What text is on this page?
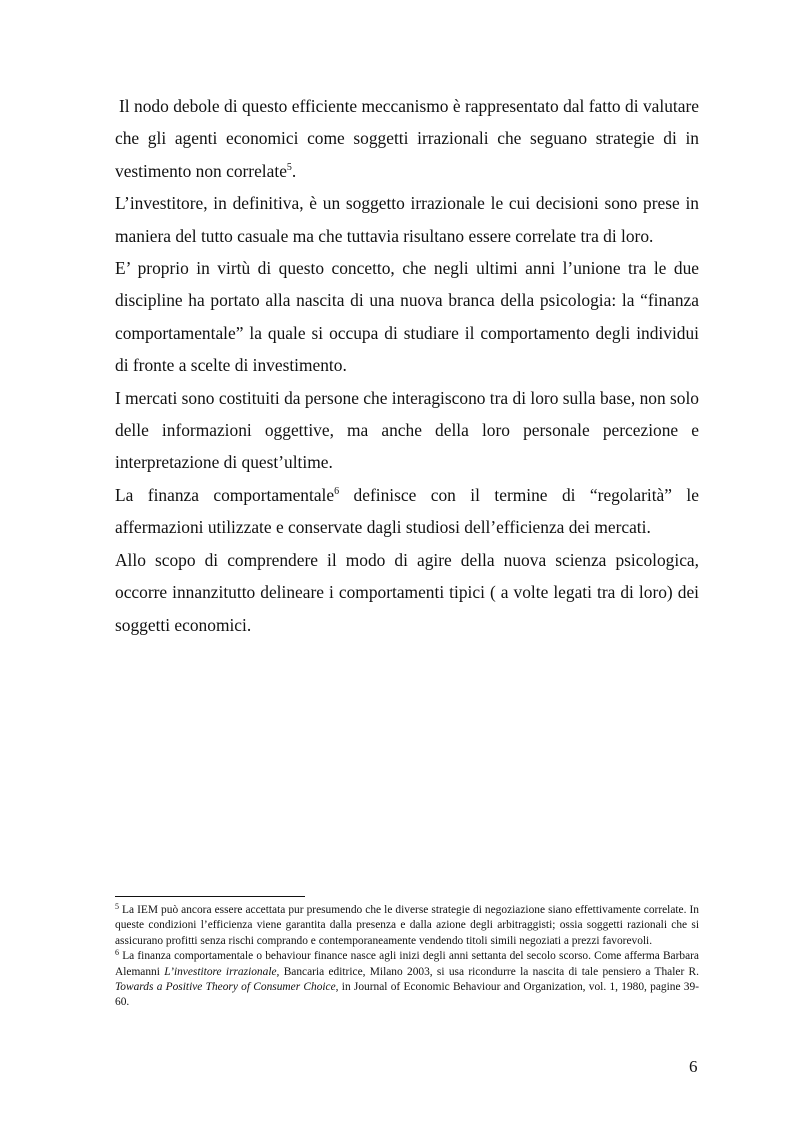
Il nodo debole di questo efficiente meccanismo è rappresentato dal fatto di valutare che gli agenti economici come soggetti irrazionali che seguano strategie di in vestimento non correlate$^5$.

L’investitore, in definitiva, è un soggetto irrazionale le cui decisioni sono prese in maniera del tutto casuale ma che tuttavia risultano essere correlate tra di loro.

E’ proprio in virtù di questo concetto, che negli ultimi anni l’unione tra le due discipline ha portato alla nascita di una nuova branca della psicologia: la “finanza comportamentale” la quale si occupa di studiare il comportamento degli individui di fronte a scelte di investimento.

I mercati sono costituiti da persone che interagiscono tra di loro sulla base, non solo delle informazioni oggettive, ma anche della loro personale percezione e interpretazione di quest’ultime.

La finanza comportamentale$^6$ definisce con il termine di “regolarità” le affermazioni utilizzate e conservate dagli studiosi dell’efficienza dei mercati.

Allo scopo di comprendere il modo di agire della nuova scienza psicologica, occorre innanzitutto delineare i comportamenti tipici ( a volte legati tra di loro) dei soggetti economici.

$^5$ La IEM può ancora essere accettata pur presumendo che le diverse strategie di negoziazione siano effettivamente correlate. In queste condizioni l’efficienza viene garantita dalla presenza e dalla azione degli arbitraggisti; ossia soggetti razionali che si assicurano profitti senza rischi comprando e contemporaneamente vendendo titoli simili negoziati a prezzi favorevoli.

$^6$ La finanza comportamentale o behaviour finance nasce agli inizi degli anni settanta del secolo scorso. Come afferma Barbara Alemanni L’investitore irrazionale, Bancaria editrice, Milano 2003, si usa ricondurre la nascita di tale pensiero a Thaler R. Towards a Positive Theory of Consumer Choice, in Journal of Economic Behaviour and Organization, vol. 1, 1980, pagine 39-60.

6
